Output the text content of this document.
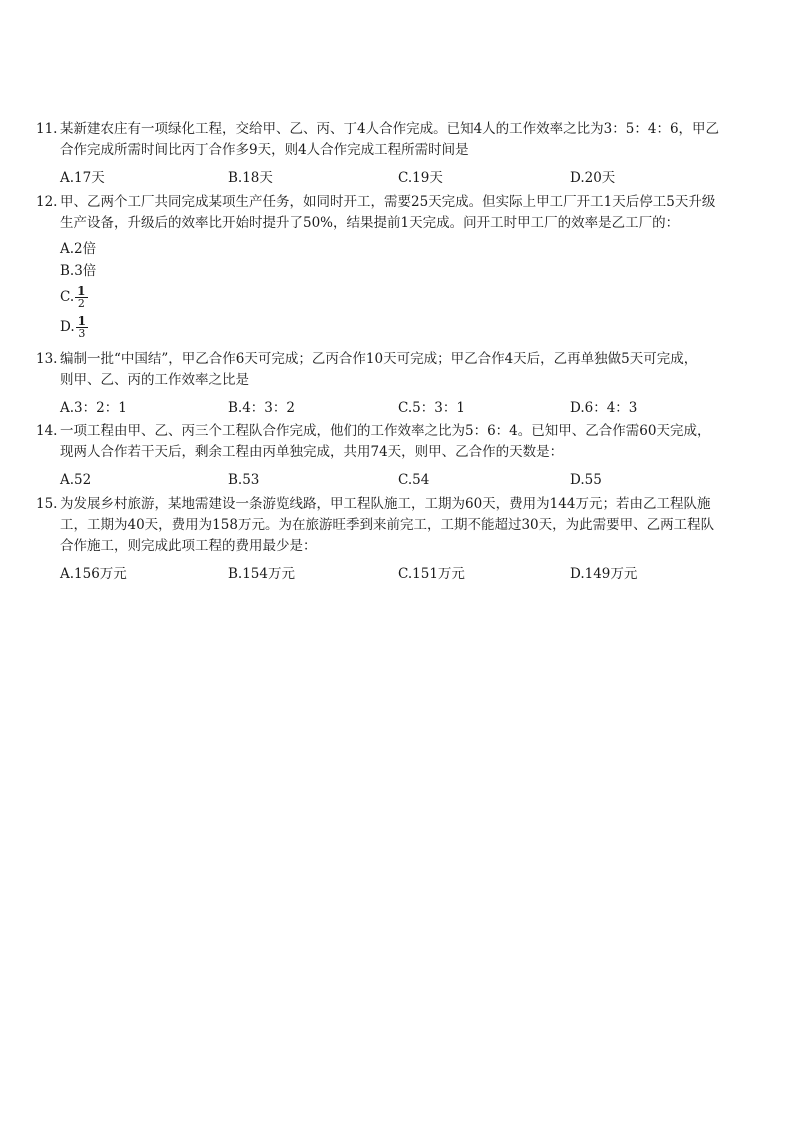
11. 某新建农庄有一项绿化工程，交给甲、乙、丙、丁4人合作完成。已知4人的工作效率之比为3：5：4：6，甲乙
合作完成所需时间比丙丁合作多9天，则4人合作完成工程所需时间是
A.17天	B.18天	C.19天	D.20天
12. 甲、乙两个工厂共同完成某项生产任务，如同时开工，需要25天完成。但实际上甲工厂开工1天后停工5天升级
生产设备，升级后的效率比开始时提升了50%，结果提前1天完成。问开工时甲工厂的效率是乙工厂的：
A.2倍
B.3倍
C. $\frac{1}{2}$
D. $\frac{1}{3}$
13. 编制一批“中国结”，甲乙合作6天可完成；乙丙合作10天可完成；甲乙合作4天后，乙再单独做5天可完成，
则甲、乙、丙的工作效率之比是
A.3：2：1	B.4：3：2	C.5：3：1	D.6：4：3
14. 一项工程由甲、乙、丙三个工程队合作完成，他们的工作效率之比为5：6：4。已知甲、乙合作需60天完成，
现两人合作若干天后，剩余工程由丙单独完成，共用74天，则甲、乙合作的天数是：
A.52	B.53	C.54	D.55
15. 为发展乡村旅游，某地需建设一条游览线路，甲工程队施工，工期为60天，费用为144万元；若由乙工程队施
工，工期为40天，费用为158万元。为在旅游旺季到来前完工，工期不能超过30天，为此需要甲、乙两工程队
合作施工，则完成此项工程的费用最少是：
A.156万元	B.154万元	C.151万元	D.149万元
